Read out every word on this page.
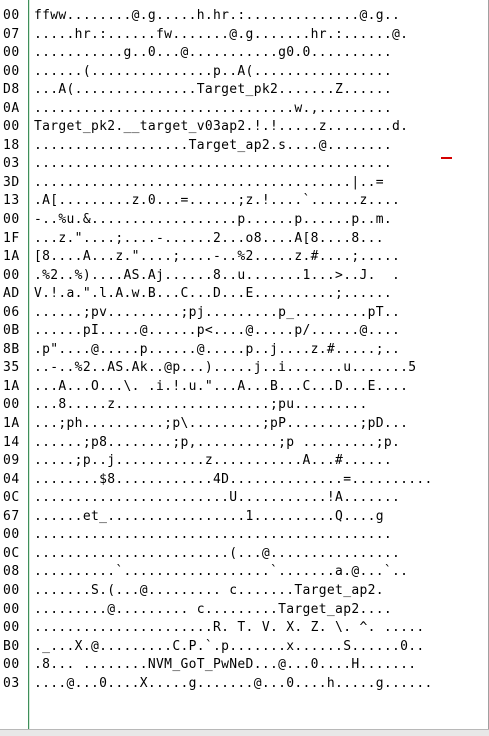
00	ffww........@.g.....h.hr.:..............@.g..
07	.....hr.:......fw.......@.g.......hr.:......@.
00	...........g..0...@...........g0.0..........
00	......(...............p..A(.................
D8	...A(...............Target_pk2.......Z......
0A	................................w.,.........
00	Target_pk2.__target_v03ap2.!.!.....z........d.
18	...................Target_ap2.s....@........
03	............................................
3D	.......................................|..=
13	.A[.........z.0...=......;z.!....`......z....
00	-..%u.&..................p......p......p..m.
1F	...z."....;....-......2...o8....A[8....8...
1A	[8....A...z."....;....-..%2.....z.#....;.....
00	.%2..%)....AS.Aj......8..u.......1...>..J.  .
AD	V.!.a.".l.A.w.B...C...D...E..........;......
06	......;pv.........;pj.........p_.........pT..
0B	......pI.....@......p<....@.....p/......@....
8B	.p"....@.....p......@.....p..j....z.#.....;..
35	..-..%2..AS.Ak..@p...).....j..i.......u.......5
1A	...A...O...\. .i.!.u."...A...B...C...D...E....
00	...8.....z...................;pu.........
1A	...;ph..........;p\.........;pP.........;pD...
14	......;p8........;p,..........;p .........;p.
09	.....;p..j...........z...........A...#......
04	........$8............4D..............=..........
0C	........................U...........!A.......
67	......et_.................1..........Q....g
00	............................................
0C	........................(...@................
08	..........`..................`.......a.@...`..
00	.......S.(...@......... c.......Target_ap2.
00	.........@......... c.........Target_ap2....
00	......................R. T. V. X. Z. \. ^. .....
B0	._...X.@.........C.P.`.p.......x......S......0..
00	.8... ........NVM_GoT_PwNeD...@...0....H.......
03	....@...0....X.....g.......@...0....h.....g......
